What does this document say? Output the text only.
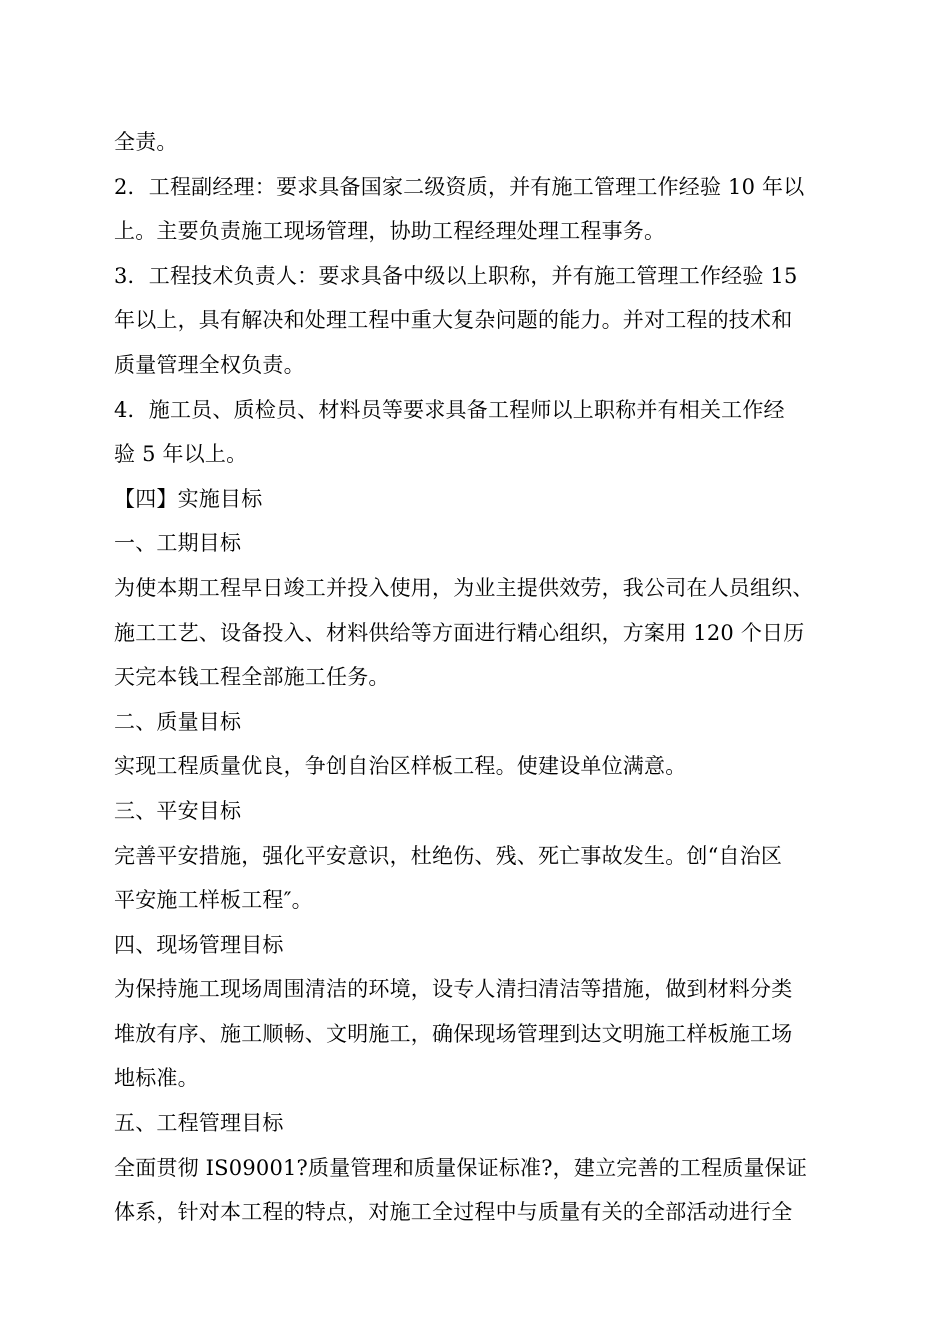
全责。
2．工程副经理：要求具备国家二级资质，并有施工管理工作经验 10 年以
上。主要负责施工现场管理，协助工程经理处理工程事务。
3．工程技术负责人：要求具备中级以上职称，并有施工管理工作经验 15
年以上，具有解决和处理工程中重大复杂问题的能力。并对工程的技术和
质量管理全权负责。
4．施工员、质检员、材料员等要求具备工程师以上职称并有相关工作经
验 5 年以上。
【四】实施目标
一、工期目标
为使本期工程早日竣工并投入使用，为业主提供效劳，我公司在人员组织、
施工工艺、设备投入、材料供给等方面进行精心组织，方案用 120 个日历
天完本钱工程全部施工任务。
二、质量目标
实现工程质量优良，争创自治区样板工程。使建设单位满意。
三、平安目标
完善平安措施，强化平安意识，杜绝伤、残、死亡事故发生。创“自治区
平安施工样板工程″。
四、现场管理目标
为保持施工现场周围清洁的环境，设专人清扫清洁等措施，做到材料分类
堆放有序、施工顺畅、文明施工，确保现场管理到达文明施工样板施工场
地标准。
五、工程管理目标
全面贯彻 IS09001?质量管理和质量保证标准?，建立完善的工程质量保证
体系，针对本工程的特点，对施工全过程中与质量有关的全部活动进行全
